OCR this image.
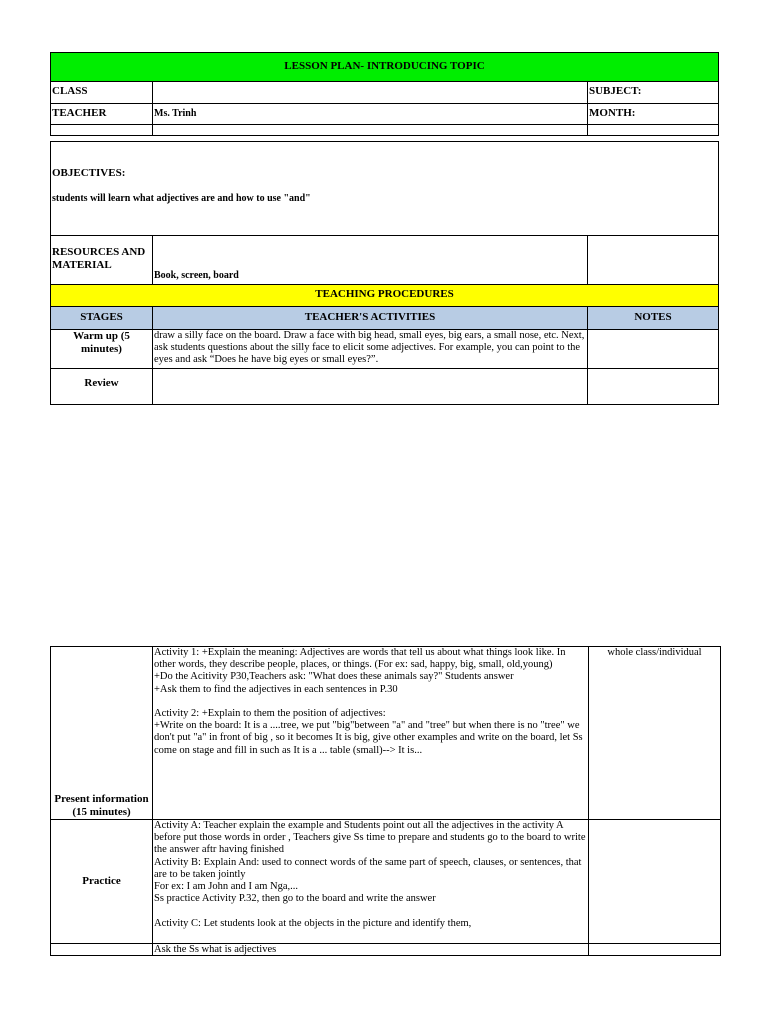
LESSON PLAN- INTRODUCING TOPIC		
CLASS		SUBJECT:
TEACHER	Ms. Trinh	MONTH:

OBJECTIVES:
students will learn what adjectives are and how to use "and"		

RESOURCES AND MATERIAL	Book, screen, board	
TEACHING PROCEDURES		
STAGES	TEACHER'S ACTIVITIES	NOTES
Warm up (5 minutes)	draw a silly face on the board. Draw a face with big head, small eyes, big ears, a small nose, etc. Next, ask students questions about the silly face to elicit some adjectives. For example, you can point to the eyes and ask “Does he have big eyes or small eyes?”.	

Review		
Present information (15 minutes)	Activity 1: +Explain the meaning: Adjectives are words that tell us about what things look like. In other words, they describe people, places, or things. (For ex: sad, happy, big, small, old,young)
+Do the Acitivity P30,Teachers ask: "What does these animals say?" Students answer
+Ask them to find the adjectives in each sentences in P.30

Activity 2: +Explain to them the position of adjectives:
+Write on the board: It is a ....tree, we put "big"between "a" and "tree" but when there is no "tree" we don't put "a" in front of big , so it becomes It is big, give other examples and write on the board, let Ss come on stage and fill in such as It is a ... table (small)--> It is...	whole class/individual
Practice	Activity A: Teacher explain the example and Students point out all the adjectives in the activity A before put those words in order , Teachers give Ss time to prepare and students go to the board to write the answer aftr having finished
Activity B: Explain And: used to connect words of the same part of speech, clauses, or sentences, that are to be taken jointly
For ex: I am John and I am Nga,...
Ss practice Activity P.32, then go to the board and write the answer

Activity C: Let students look at the objects in the picture and identify them,	

	Ask the Ss what is adjectives	
